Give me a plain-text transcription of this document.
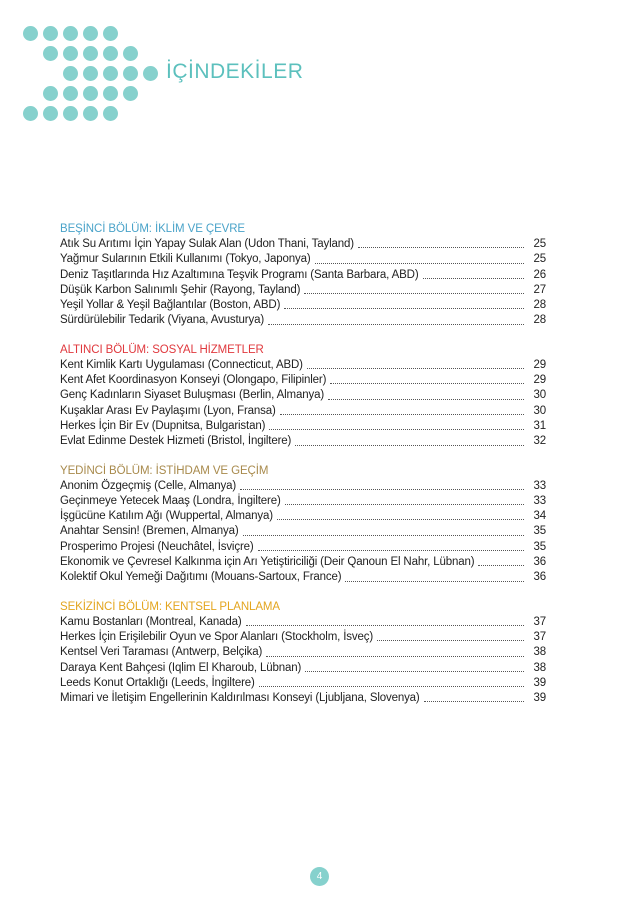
İÇİNDEKİLER
BEŞİNCİ BÖLÜM: İKLİM VE ÇEVRE
Atık Su Arıtımı İçin Yapay Sulak Alan (Udon Thani, Tayland)	25
Yağmur Sularının Etkili Kullanımı (Tokyo, Japonya)	25
Deniz Taşıtlarında Hız Azaltımına Teşvik Programı (Santa Barbara, ABD)	26
Düşük Karbon Salınımlı Şehir (Rayong, Tayland)	27
Yeşil Yollar & Yeşil Bağlantılar (Boston, ABD)	28
Sürdürülebilir Tedarik (Viyana, Avusturya)	28
ALTINCI BÖLÜM: SOSYAL HİZMETLER
Kent Kimlik Kartı Uygulaması (Connecticut, ABD)	29
Kent Afet Koordinasyon Konseyi (Olongapo, Filipinler)	29
Genç Kadınların Siyaset Buluşması (Berlin, Almanya)	30
Kuşaklar Arası Ev Paylaşımı (Lyon, Fransa)	30
Herkes İçin Bir Ev (Dupnitsa, Bulgaristan)	31
Evlat Edinme Destek Hizmeti (Bristol, İngiltere)	32
YEDİNCİ BÖLÜM: İSTİHDAM VE GEÇİM
Anonim Özgeçmiş (Celle, Almanya)	33
Geçinmeye Yetecek Maaş (Londra, İngiltere)	33
İşgücüne Katılım Ağı (Wuppertal, Almanya)	34
Anahtar Sensin! (Bremen, Almanya)	35
Prosperimo Projesi (Neuchâtel, İsviçre)	35
Ekonomik ve Çevresel Kalkınma için Arı Yetiştiriciliği (Deir Qanoun El Nahr, Lübnan)	36
Kolektif Okul Yemeği Dağıtımı (Mouans-Sartoux, France)	36
SEKİZİNCİ BÖLÜM: KENTSEL PLANLAMA
Kamu Bostanları (Montreal, Kanada)	37
Herkes İçin Erişilebilir Oyun ve Spor Alanları (Stockholm, İsveç)	37
Kentsel Veri Taraması (Antwerp, Belçika)	38
Daraya Kent Bahçesi (Iqlim El Kharoub, Lübnan)	38
Leeds Konut Ortaklığı (Leeds, İngiltere)	39
Mimari ve İletişim Engellerinin Kaldırılması Konseyi (Ljubljana, Slovenya)	39
4
